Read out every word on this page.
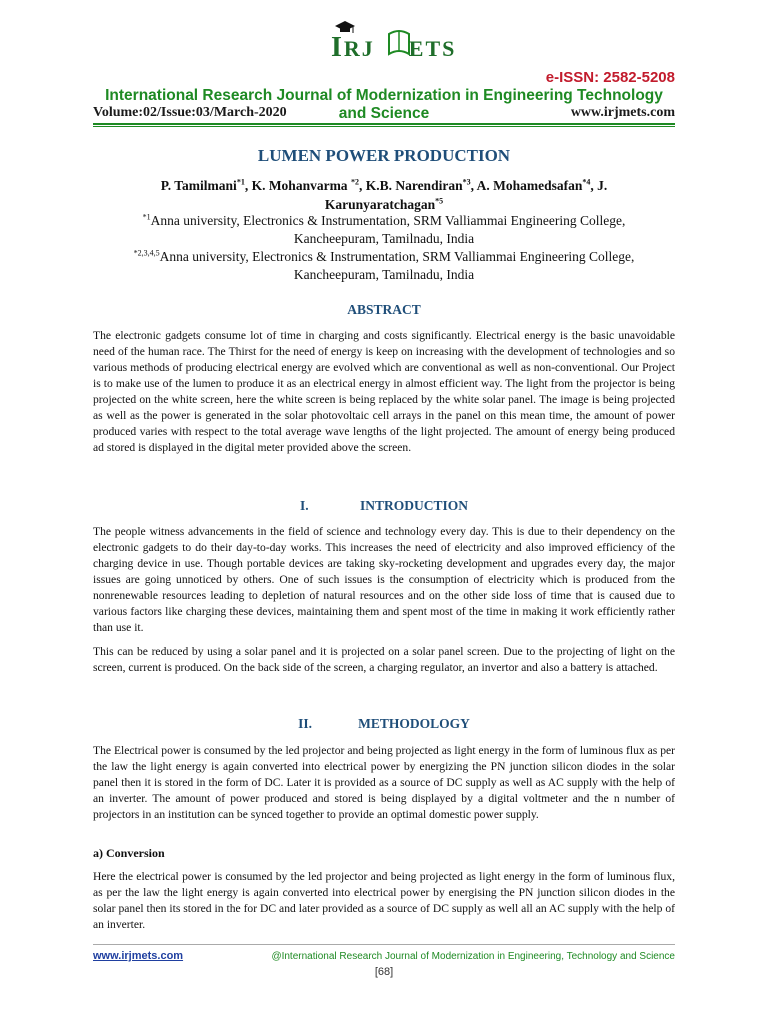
IRJ ETS
e-ISSN: 2582-5208
International Research Journal of Modernization in Engineering Technology and Science
Volume:02/Issue:03/March-2020	www.irjmets.com
LUMEN POWER PRODUCTION
P. Tamilmani$^{*1}$, K. Mohanvarma $^{*2}$, K.B. Narendiran$^{*3}$, A. Mohamedsafan$^{*4}$, J.
Karunyaratchagan$^{*5}$
$^{*1}$Anna university, Electronics & Instrumentation, SRM Valliammai Engineering College,
Kancheepuram, Tamilnadu, India
$^{*2,3,4,5}$Anna university, Electronics & Instrumentation, SRM Valliammai Engineering College,
Kancheepuram, Tamilnadu, India
ABSTRACT
The electronic gadgets consume lot of time in charging and costs significantly. Electrical energy is the basic unavoidable need of the human race. The Thirst for the need of energy is keep on increasing with the development of technologies and so various methods of producing electrical energy are evolved which are conventional as well as non-conventional. Our Project is to make use of the lumen to produce it as an electrical energy in almost efficient way. The light from the projector is being projected on the white screen, here the white screen is being replaced by the white solar panel. The image is being projected as well as the power is generated in the solar photovoltaic cell arrays in the panel on this mean time, the amount of power produced varies with respect to the total average wave lengths of the light projected. The amount of energy being produced ad stored is displayed in the digital meter provided above the screen.
I.	INTRODUCTION
The people witness advancements in the field of science and technology every day. This is due to their dependency on the electronic gadgets to do their day-to-day works. This increases the need of electricity and also improved efficiency of the charging device in use. Though portable devices are taking sky-rocketing development and upgrades every day, the major issues are going unnoticed by others. One of such issues is the consumption of electricity which is produced from the nonrenewable resources leading to depletion of natural resources and on the other side loss of time that is caused due to various factors like charging these devices, maintaining them and spent most of the time in making it work efficiently rather than use it.
This can be reduced by using a solar panel and it is projected on a solar panel screen. Due to the projecting of light on the screen, current is produced. On the back side of the screen, a charging regulator, an invertor and also a battery is attached.
II.	METHODOLOGY
The Electrical power is consumed by the led projector and being projected as light energy in the form of luminous flux as per the law the light energy is again converted into electrical power by energizing the PN junction silicon diodes in the solar panel then it is stored in the form of DC. Later it is provided as a source of DC supply as well as AC supply with the help of an inverter. The amount of power produced and stored is being displayed by a digital voltmeter and the n number of projectors in an institution can be synced together to provide an optimal domestic power supply.
a) Conversion
Here the electrical power is consumed by the led projector and being projected as light energy in the form of luminous flux, as per the law the light energy is again converted into electrical power by energising the PN junction silicon diodes in the solar panel then its stored in the for DC and later provided as a source of DC supply as well all an AC supply with the help of an inverter.
www.irjmets.com	@International Research Journal of Modernization in Engineering, Technology and Science
[68]
